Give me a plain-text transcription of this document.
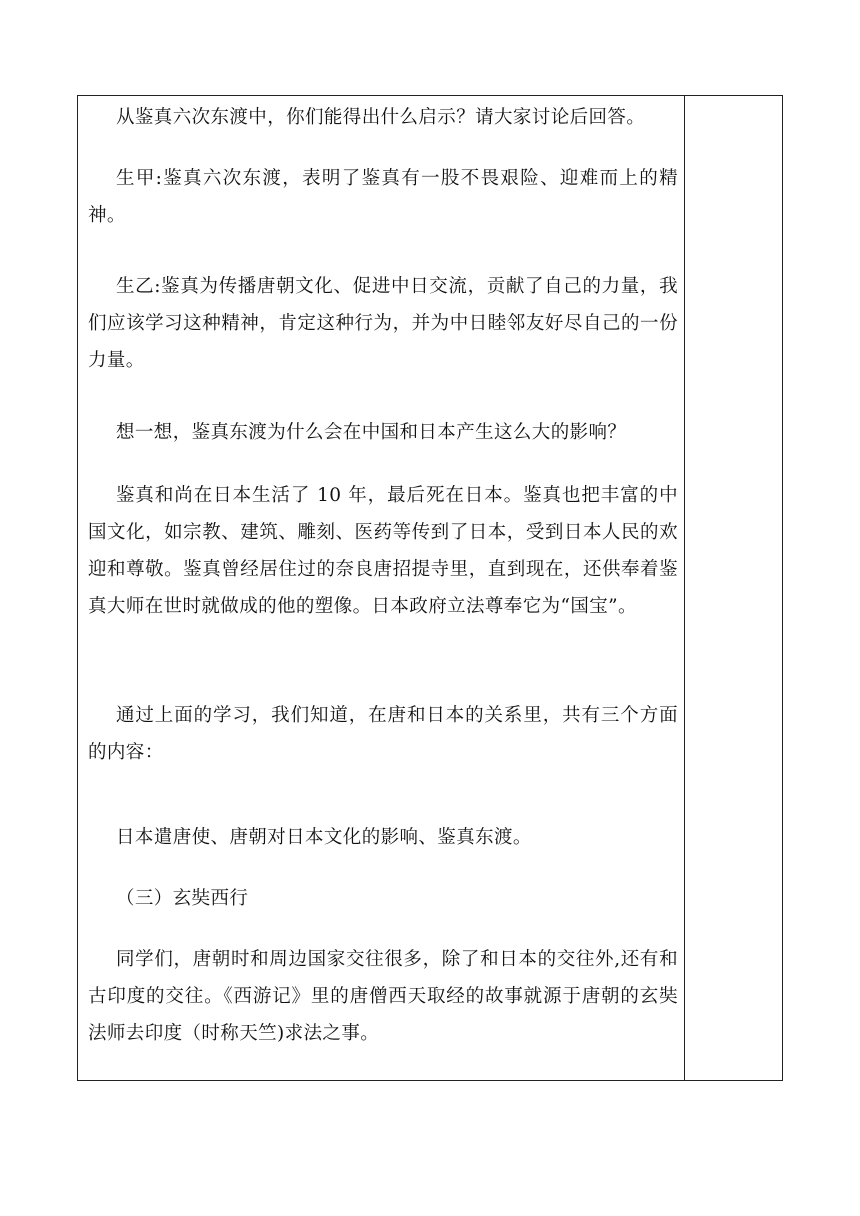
从鉴真六次东渡中，你们能得出什么启示？请大家讨论后回答。

生甲:鉴真六次东渡，表明了鉴真有一股不畏艰险、迎难而上的精神。

生乙:鉴真为传播唐朝文化、促进中日交流，贡献了自己的力量，我们应该学习这种精神，肯定这种行为，并为中日睦邻友好尽自己的一份力量。

想一想，鉴真东渡为什么会在中国和日本产生这么大的影响？

鉴真和尚在日本生活了 10 年，最后死在日本。鉴真也把丰富的中国文化，如宗教、建筑、雕刻、医药等传到了日本，受到日本人民的欢迎和尊敬。鉴真曾经居住过的奈良唐招提寺里，直到现在，还供奉着鉴真大师在世时就做成的他的塑像。日本政府立法尊奉它为“国宝”。

通过上面的学习，我们知道，在唐和日本的关系里，共有三个方面的内容：

日本遣唐使、唐朝对日本文化的影响、鉴真东渡。

（三）玄奘西行

同学们，唐朝时和周边国家交往很多，除了和日本的交往外,还有和古印度的交往。《西游记》里的唐僧西天取经的故事就源于唐朝的玄奘法师去印度（时称天竺)求法之事。
